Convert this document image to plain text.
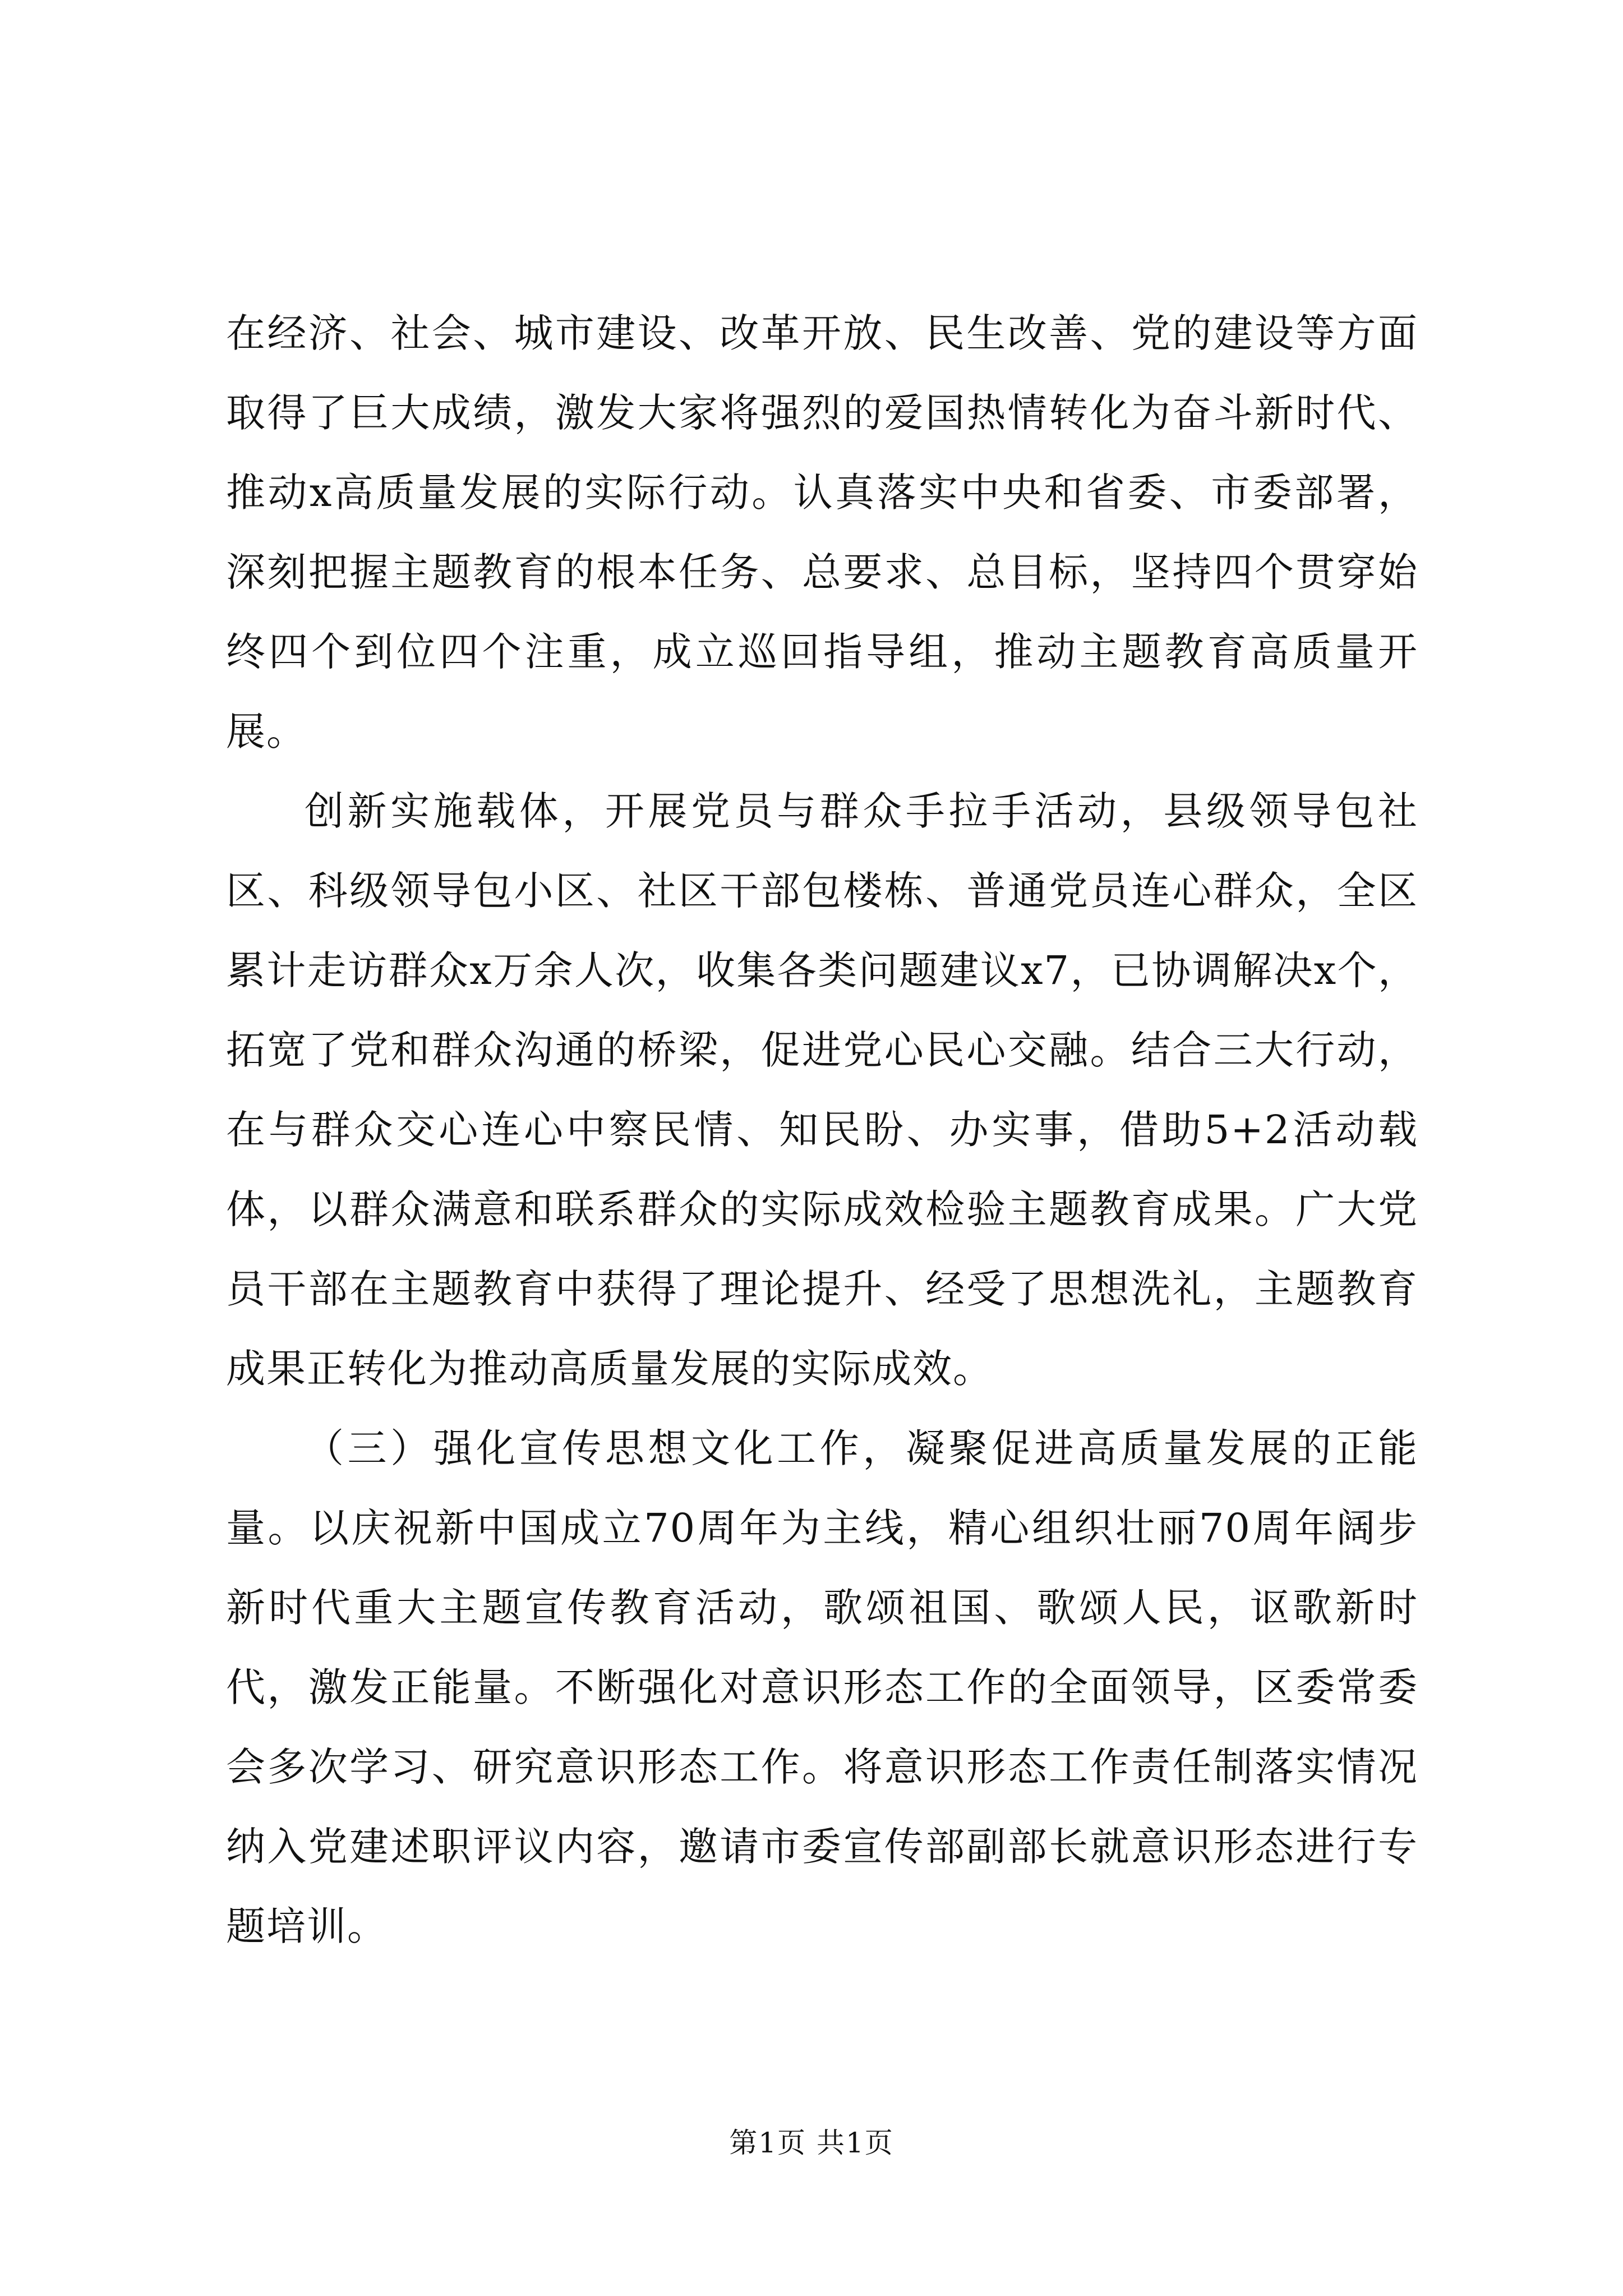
在经济、社会、城市建设、改革开放、民生改善、党的建设等方面取得了巨大成绩，激发大家将强烈的爱国热情转化为奋斗新时代、推动x高质量发展的实际行动。认真落实中央和省委、市委部署，深刻把握主题教育的根本任务、总要求、总目标，坚持四个贯穿始终四个到位四个注重，成立巡回指导组，推动主题教育高质量开展。

创新实施载体，开展党员与群众手拉手活动，县级领导包社区、科级领导包小区、社区干部包楼栋、普通党员连心群众，全区累计走访群众x万余人次，收集各类问题建议x7，已协调解决x个，拓宽了党和群众沟通的桥梁，促进党心民心交融。结合三大行动，在与群众交心连心中察民情、知民盼、办实事，借助5+2活动载体，以群众满意和联系群众的实际成效检验主题教育成果。广大党员干部在主题教育中获得了理论提升、经受了思想洗礼，主题教育成果正转化为推动高质量发展的实际成效。

（三）强化宣传思想文化工作，凝聚促进高质量发展的正能量。以庆祝新中国成立70周年为主线，精心组织壮丽70周年阔步新时代重大主题宣传教育活动，歌颂祖国、歌颂人民，讴歌新时代，激发正能量。不断强化对意识形态工作的全面领导，区委常委会多次学习、研究意识形态工作。将意识形态工作责任制落实情况纳入党建述职评议内容，邀请市委宣传部副部长就意识形态进行专题培训。

第1页 共1页
